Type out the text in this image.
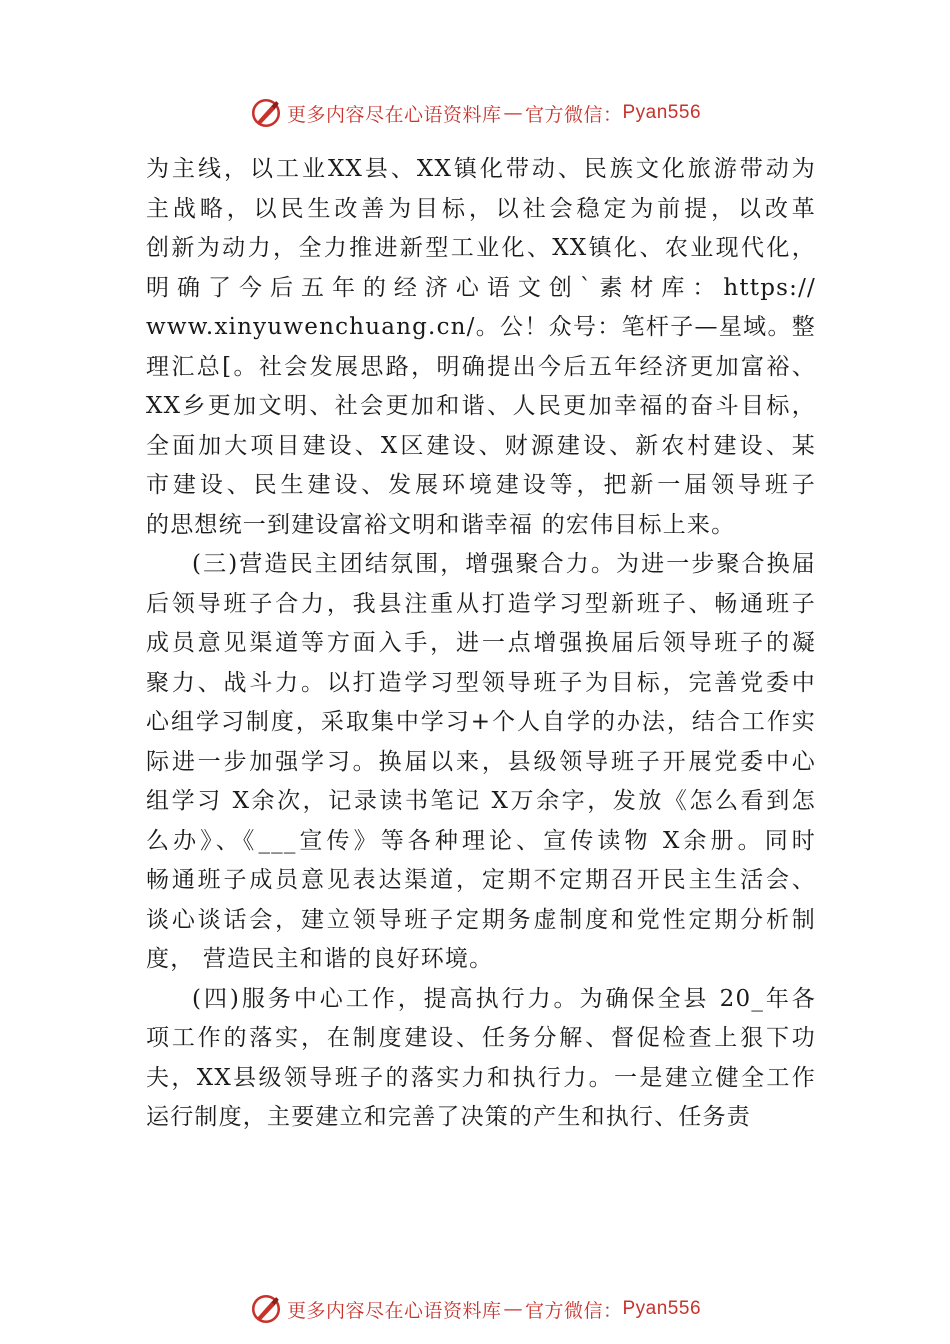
更多内容尽在心语资料库 — 官方微信： Pyan556
为主线，以工业XX县、XX镇化带动、民族文化旅游带动为
主战略，以民生改善为目标，以社会稳定为前提，以改革
创新为动力，全力推进新型工业化、XX镇化、农业现代化，
明确了今后五年的经济心语文创`素材库：https://
www.xinyuwenchuang.cn/。公！众号：笔杆子—星域。整
理汇总[。社会发展思路，明确提出今后五年经济更加富裕、
XX乡更加文明、社会更加和谐、人民更加幸福的奋斗目标，
全面加大项目建设、X区建设、财源建设、新农村建设、某
市建设、民生建设、发展环境建设等，把新一届领导班子
的思想统一到建设富裕文明和谐幸福 的宏伟目标上来。
(三)营造民主团结氛围，增强聚合力。为进一步聚合换届
后领导班子合力，我县注重从打造学习型新班子、畅通班子
成员意见渠道等方面入手，进一点增强换届后领导班子的凝
聚力、战斗力。以打造学习型领导班子为目标，完善党委中
心组学习制度，采取集中学习+个人自学的办法，结合工作实
际进一步加强学习。换届以来，县级领导班子开展党委中心
组学习 X余次，记录读书笔记 X万余字，发放《怎么看到怎
么办》、《___宣传》等各种理论、宣传读物 X余册。同时
畅通班子成员意见表达渠道，定期不定期召开民主生活会、
谈心谈话会，建立领导班子定期务虚制度和党性定期分析制
度， 营造民主和谐的良好环境。
(四)服务中心工作，提高执行力。为确保全县 20_年各
项工作的落实，在制度建设、任务分解、督促检查上狠下功
夫，XX县级领导班子的落实力和执行力。一是建立健全工作
运行制度，主要建立和完善了决策的产生和执行、任务责
更多内容尽在心语资料库 — 官方微信： Pyan556
